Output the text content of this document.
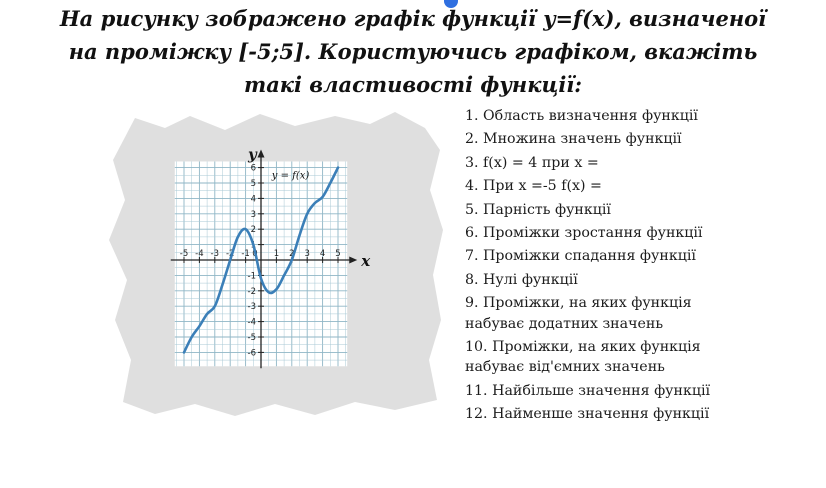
На рисунку зображено графік функції y=f(x), визначеної
на проміжку [-5;5]. Користуючись графіком, вкажіть
такі властивості функції:
x
y
-5 -4 -3 -2 -1 0 1 2 3 4 5
6
5
4
3
2
1
-1
-2
-3
-4
-5
-6
y = f(x)
1. Область визначення функції
2. Множина значень функції
3. f(x) = 4 при x =
4. При x =-5 f(x) =
5. Парність функції
6. Проміжки зростання функції
7. Проміжки спадання функції
8. Нулі функції
9. Проміжки, на яких функція
набуває додатних значень
10. Проміжки, на яких функція
набуває від'ємних значень
11. Найбільше значення функції
12. Найменше значення функції
